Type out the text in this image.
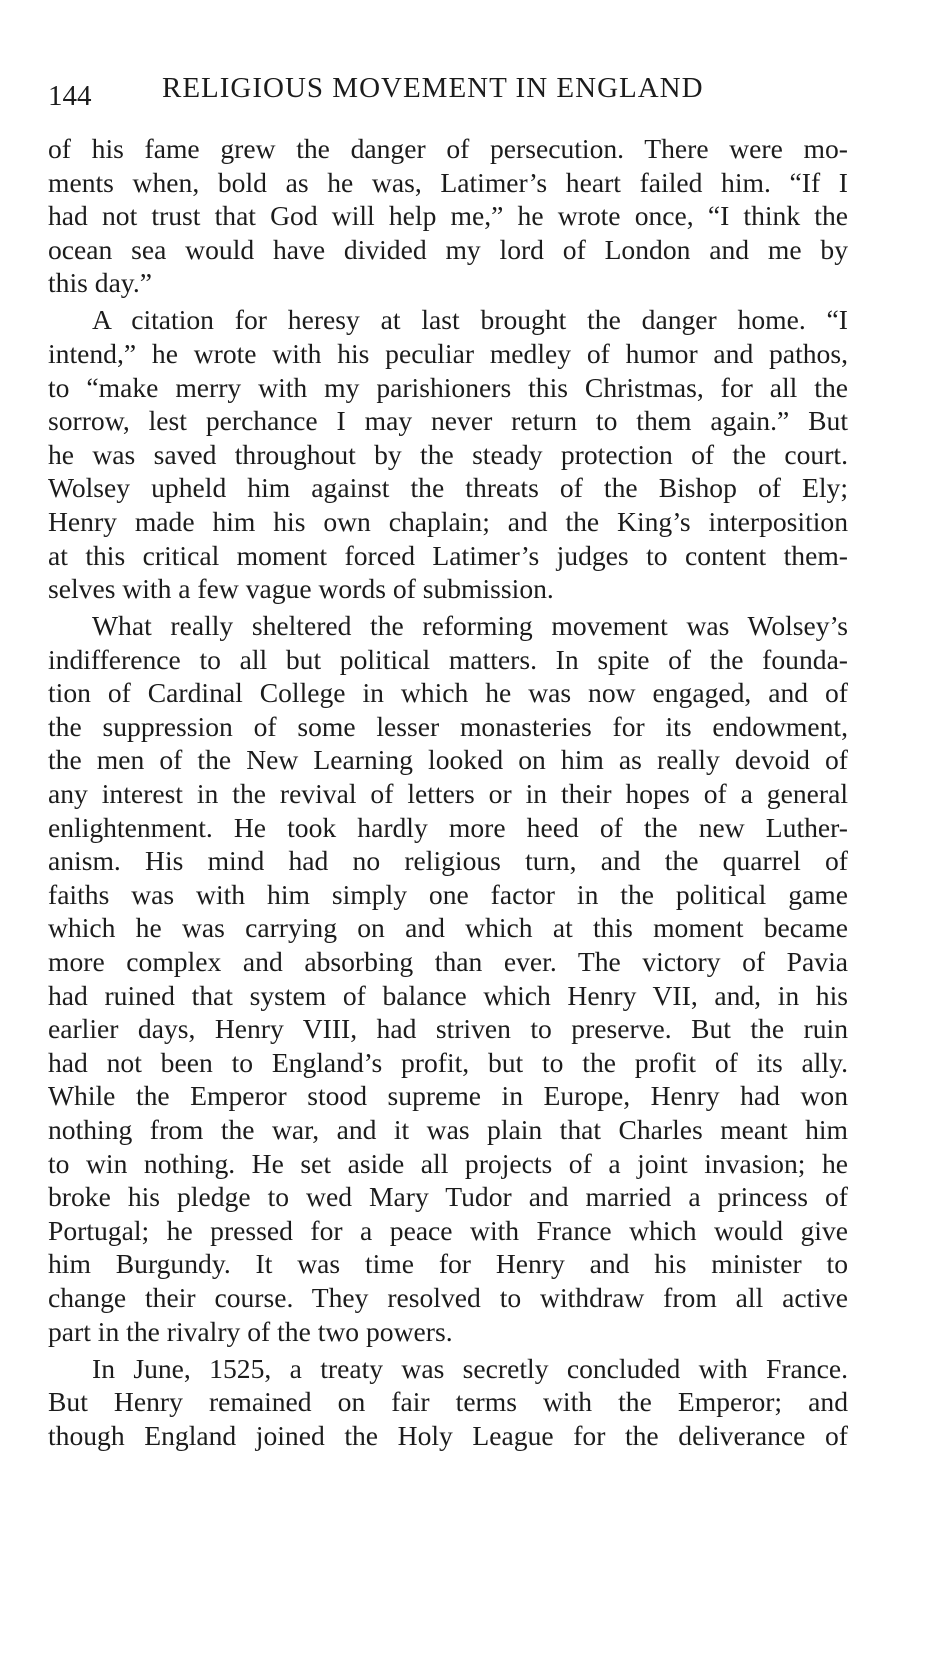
144 RELIGIOUS MOVEMENT IN ENGLAND
of his fame grew the danger of persecution. There were mo-
ments when, bold as he was, Latimer’s heart failed him. “If I
had not trust that God will help me,” he wrote once, “I think the
ocean sea would have divided my lord of London and me by
this day.”
A citation for heresy at last brought the danger home. “I
intend,” he wrote with his peculiar medley of humor and pathos,
to “make merry with my parishioners this Christmas, for all the
sorrow, lest perchance I may never return to them again.” But
he was saved throughout by the steady protection of the court.
Wolsey upheld him against the threats of the Bishop of Ely;
Henry made him his own chaplain; and the King’s interposition
at this critical moment forced Latimer’s judges to content them-
selves with a few vague words of submission.
What really sheltered the reforming movement was Wolsey’s
indifference to all but political matters. In spite of the founda-
tion of Cardinal College in which he was now engaged, and of
the suppression of some lesser monasteries for its endowment,
the men of the New Learning looked on him as really devoid of
any interest in the revival of letters or in their hopes of a general
enlightenment. He took hardly more heed of the new Luther-
anism. His mind had no religious turn, and the quarrel of
faiths was with him simply one factor in the political game
which he was carrying on and which at this moment became
more complex and absorbing than ever. The victory of Pavia
had ruined that system of balance which Henry VII, and, in his
earlier days, Henry VIII, had striven to preserve. But the ruin
had not been to England’s profit, but to the profit of its ally.
While the Emperor stood supreme in Europe, Henry had won
nothing from the war, and it was plain that Charles meant him
to win nothing. He set aside all projects of a joint invasion; he
broke his pledge to wed Mary Tudor and married a princess of
Portugal; he pressed for a peace with France which would give
him Burgundy. It was time for Henry and his minister to
change their course. They resolved to withdraw from all active
part in the rivalry of the two powers.
In June, 1525, a treaty was secretly concluded with France.
But Henry remained on fair terms with the Emperor; and
though England joined the Holy League for the deliverance of
